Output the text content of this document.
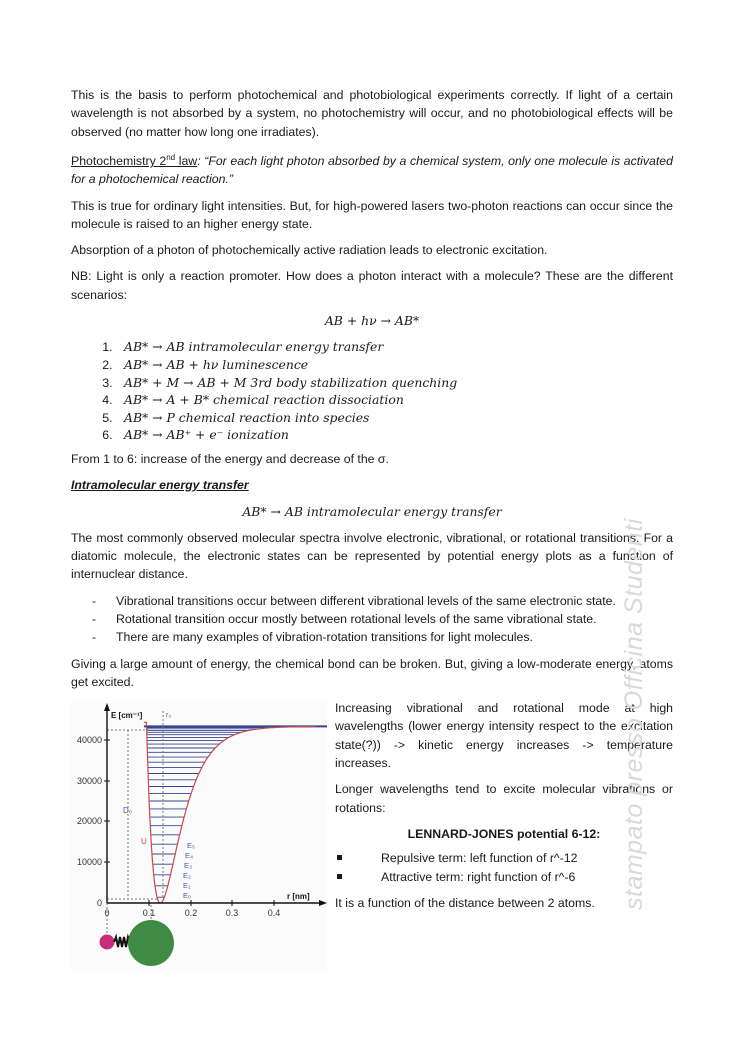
This is the basis to perform photochemical and photobiological experiments correctly. If light of a certain wavelength is not absorbed by a system, no photochemistry will occur, and no photobiological effects will be observed (no matter how long one irradiates).

Photochemistry 2nd law: “For each light photon absorbed by a chemical system, only one molecule is activated for a photochemical reaction.”

This is true for ordinary light intensities. But, for high-powered lasers two-photon reactions can occur since the molecule is raised to an higher energy state.

Absorption of a photon of photochemically active radiation leads to electronic excitation.

NB: Light is only a reaction promoter. How does a photon interact with a molecule? These are the different scenarios:

AB + hν → AB*
1. AB* → AB intramolecular energy transfer
2. AB* → AB + hν luminescence
3. AB* + M → AB + M 3rd body stabilization quenching
4. AB* → A + B* chemical reaction dissociation
5. AB* → P chemical reaction into species
6. AB* → AB⁺ + e⁻ ionization

From 1 to 6: increase of the energy and decrease of the σ.

Intramolecular energy transfer
AB* → AB intramolecular energy transfer

The most commonly observed molecular spectra involve electronic, vibrational, or rotational transitions. For a diatomic molecule, the electronic states can be represented by potential energy plots as a function of internuclear distance.

- Vibrational transitions occur between different vibrational levels of the same electronic state.
- Rotational transition occur mostly between rotational levels of the same vibrational state.
- There are many examples of vibration-rotation transitions for light molecules.

Giving a large amount of energy, the chemical bond can be broken. But, giving a low-moderate energy, atoms get excited.

40000
30000
20000
10000
0
0	0.1	0.2	0.3	0.4
E [cm⁻¹]
r [nm]
r₀
D₀
U
E₀
E₁
E₂
E₃
E₄
E₅

Increasing vibrational and rotational mode at high wavelengths (lower energy intensity respect to the excitation state(?)) -> kinetic energy increases -> temperature increases.

Longer wavelengths tend to excite molecular vibrations or rotations:

LENNARD-JONES potential 6-12:
Repulsive term: left function of r^-12
Attractive term: right function of r^-6

It is a function of the distance between 2 atoms.	stampato presso Officina Studenti
